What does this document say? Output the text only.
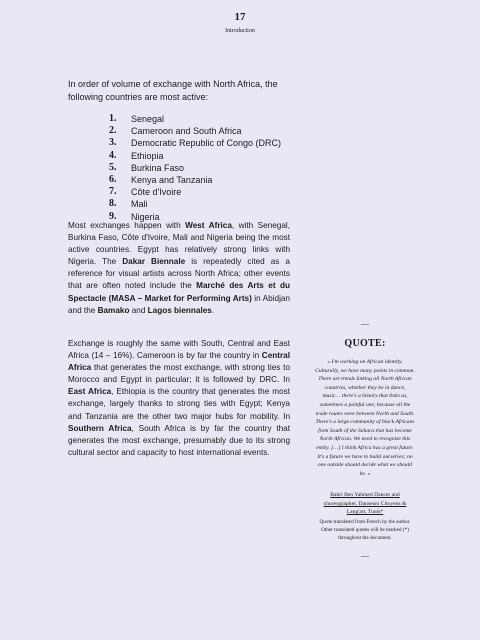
17
Introduction

In order of volume of exchange with North Africa, the following countries are most active:

1.	Senegal
2.	Cameroon and South Africa
3.	Democratic Republic of Congo (DRC)
4.	Ethiopia
5.	Burkina Faso
6.	Kenya and Tanzania
7.	Côte d'Ivoire
8.	Mali
9.	Nigeria

Most exchanges happen with West Africa, with Senegal, Burkina Faso, Côte d'Ivoire, Mali and Nigeria being the most active countries. Egypt has relatively strong links with Nigeria. The Dakar Biennale is repeatedly cited as a reference for visual artists across North Africa; other events that are often noted include the Marché des Arts et du Spectacle (MASA – Market for Performing Arts) in Abidjan and the Bamako and Lagos biennales.

Exchange is roughly the same with South, Central and East Africa (14 – 16%). Cameroon is by far the country in Central Africa that generates the most exchange, with strong ties to Morocco and Egypt in particular; it is followed by DRC. In East Africa, Ethiopia is the country that generates the most exchange, largely thanks to strong ties with Egypt; Kenya and Tanzania are the other two major hubs for mobility. In Southern Africa, South Africa is by far the country that generates the most exchange, presumably due to its strong cultural sector and capacity to host international events.

—
QUOTE:
« I'm working on African identity. Culturally, we have many points in common. There are trends linking all North African countries, whether they be in dance, music… there's a history that links us, sometimes a painful one, because all the trade routes were between North and South. There's a large community of black Africans from South of the Sahara that has become North African. We need to recognize this entity. […] I think Africa has a great future. It's a future we have to build ourselves; no one outside should decide what we should be. »
Bahri Ben Yahmed Dancer and choreographer, Danseurs Citoyens & Lang'art, Tunis*
Quote translated from French by the author. Other translated quotes will be marked (*) throughout the document.
—
